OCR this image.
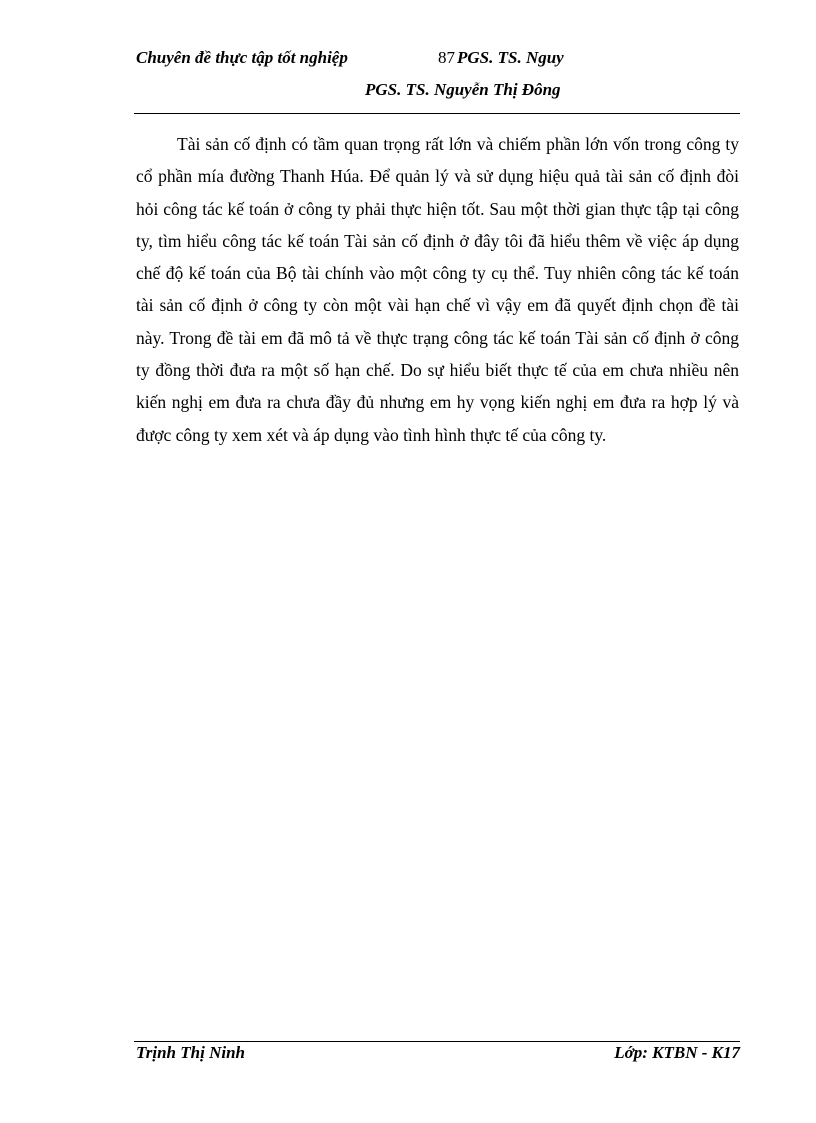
Chuyên đề thực tập tốt nghiệp	87 PGS. TS. Nguy
PGS. TS. Nguyễn Thị Đông

Tài sản cố định có tầm quan trọng rất lớn và chiếm phần lớn vốn trong công ty cổ phần mía đường Thanh Húa. Để quản lý và sử dụng hiệu quả tài sản cố định đòi hỏi công tác kế toán ở công ty phải thực hiện tốt. Sau một thời gian thực tập tại công ty, tìm hiểu công tác kế toán Tài sản cố định ở đây tôi đã hiểu thêm về việc áp dụng chế độ kế toán của Bộ tài chính vào một công ty cụ thể. Tuy nhiên công tác kế toán tài sản cố định ở công ty còn một vài hạn chế vì vậy em đã quyết định chọn đề tài này. Trong đề tài em đã mô tả về thực trạng công tác kế toán Tài sản cố định ở công ty đồng thời đưa ra một số hạn chế. Do sự hiểu biết thực tế của em chưa nhiều nên kiến nghị em đưa ra chưa đầy đủ nhưng em hy vọng kiến nghị em đưa ra hợp lý và được công ty xem xét và áp dụng vào tình hình thực tế của công ty.

Trịnh Thị Ninh	Lớp: KTBN - K17
